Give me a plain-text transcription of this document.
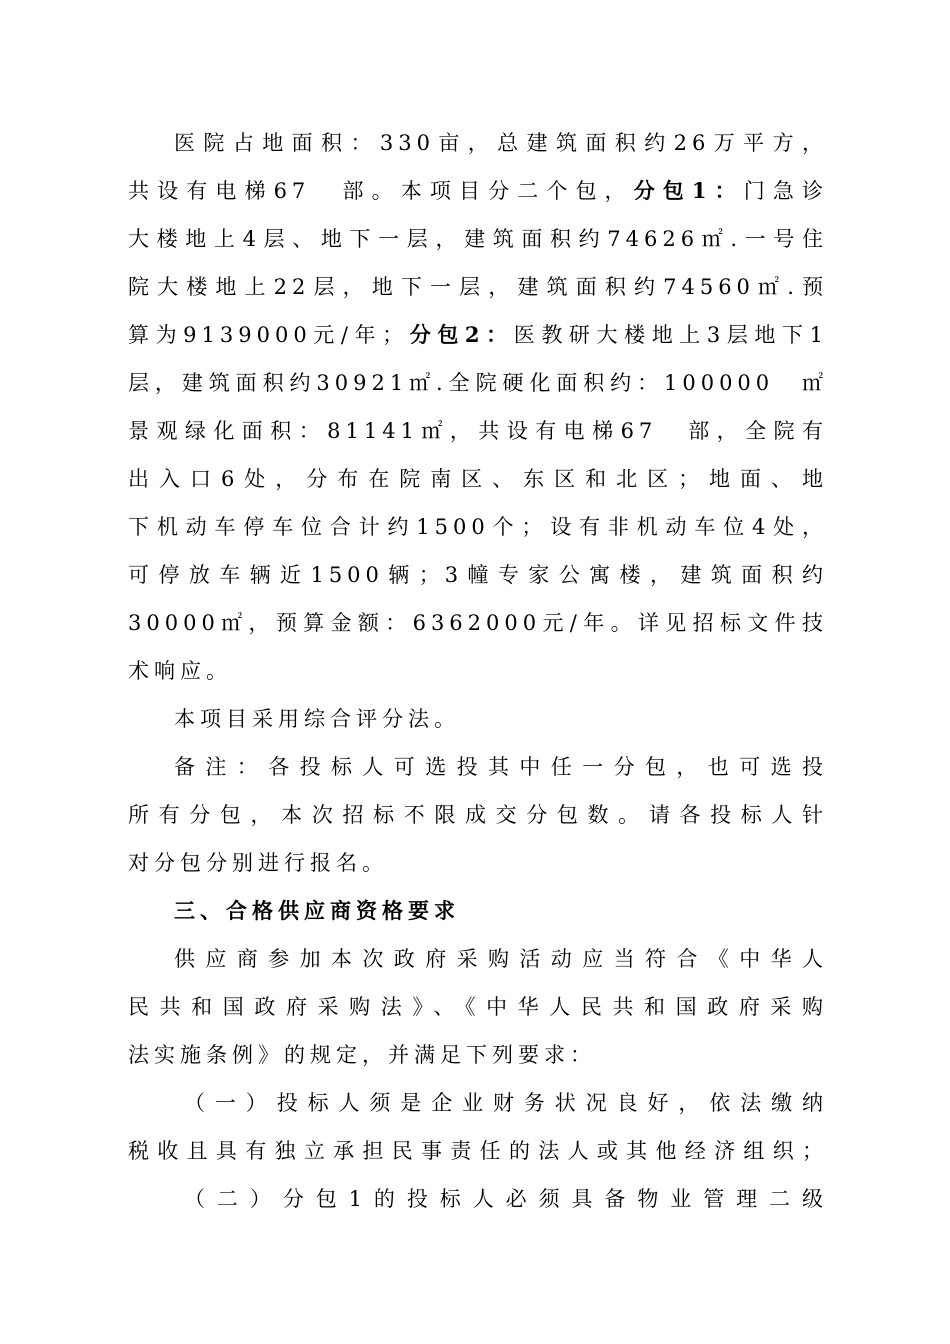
医院占地面积：330亩，总建筑面积约26万平方，
共设有电梯67　部。本项目分二个包，分包1：门急诊
大楼地上4层、地下一层，建筑面积约74626㎡.一号住
院大楼地上22层，地下一层，建筑面积约74560㎡.预
算为9139000元/年；分包2：医教研大楼地上3层地下1
层，建筑面积约30921㎡.全院硬化面积约：100000　㎡
景观绿化面积：81141㎡，共设有电梯67　部，全院有
出入口6处，分布在院南区、东区和北区；地面、地
下机动车停车位合计约1500个；设有非机动车位4处，
可停放车辆近1500辆；3幢专家公寓楼，建筑面积约
30000㎡，预算金额：6362000元/年。详见招标文件技
术响应。
本项目采用综合评分法。
备注：各投标人可选投其中任一分包，也可选投
所有分包，本次招标不限成交分包数。请各投标人针
对分包分别进行报名。
三、合格供应商资格要求
供应商参加本次政府采购活动应当符合《中华人
民共和国政府采购法》、《中华人民共和国政府采购
法实施条例》的规定，并满足下列要求：
（一）投标人须是企业财务状况良好，依法缴纳
税收且具有独立承担民事责任的法人或其他经济组织；
（二）分包1的投标人必须具备物业管理二级
